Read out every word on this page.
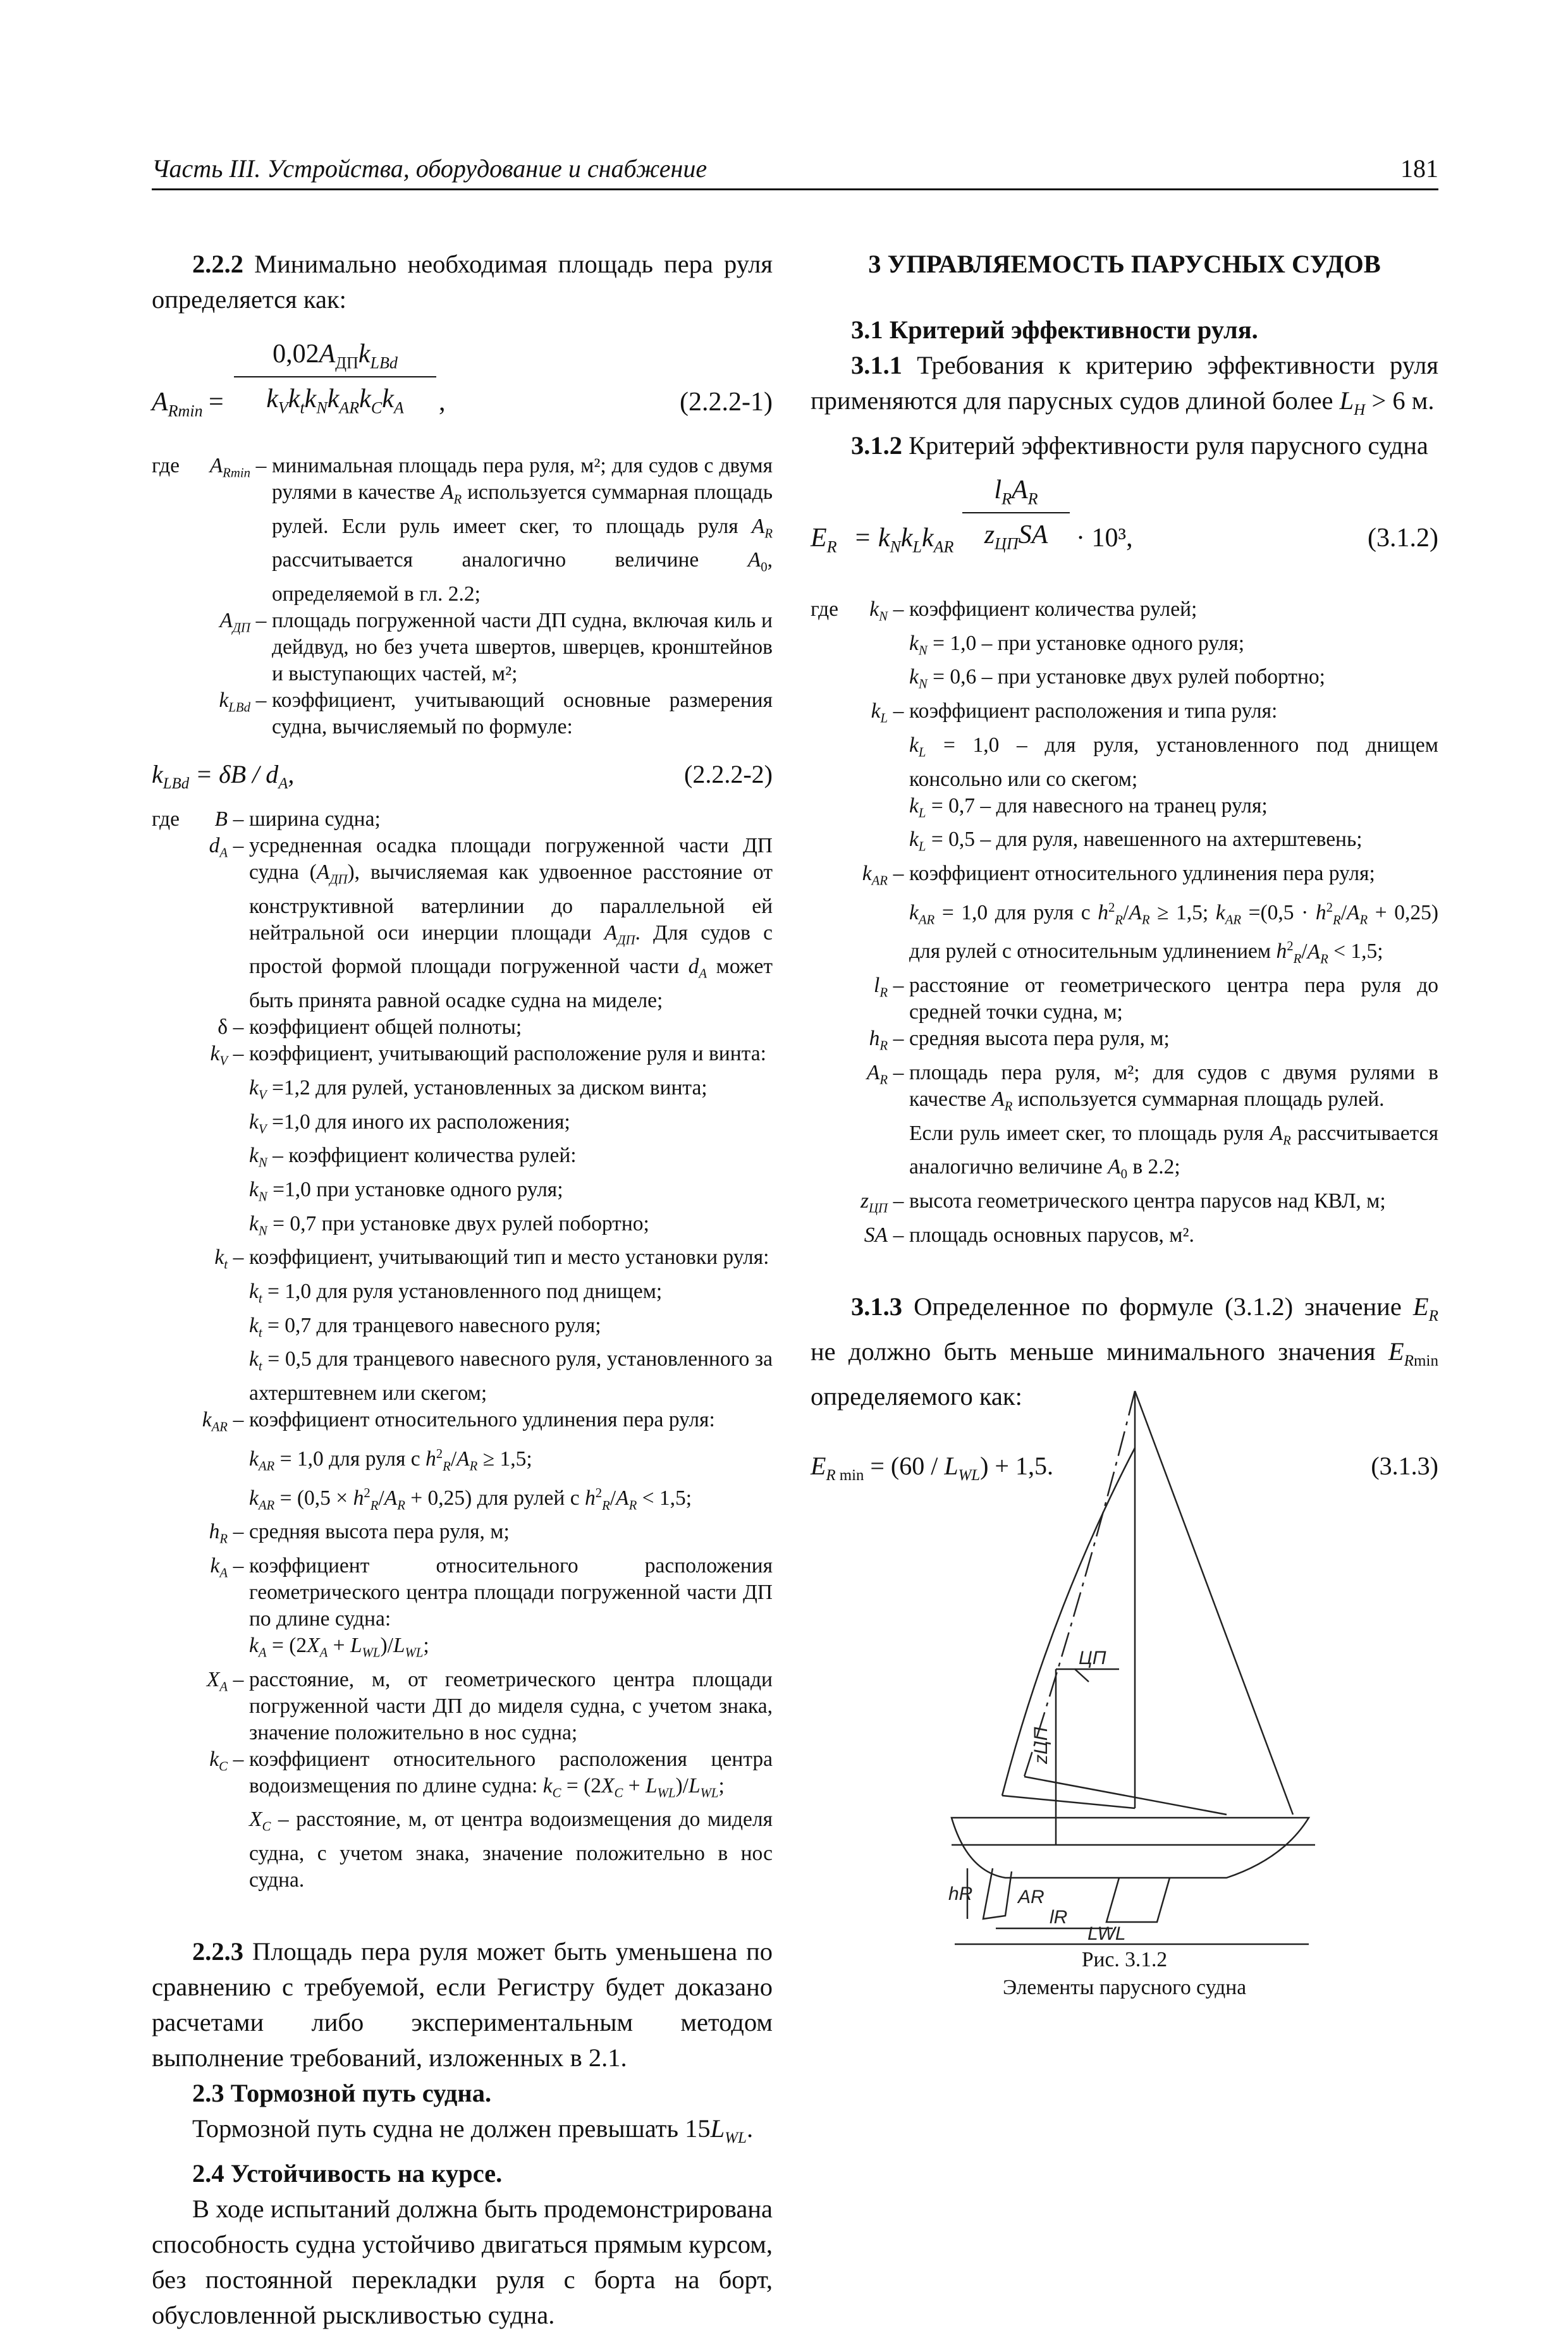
Часть III. Устройства, оборудование и снабжение	181

2.2.2 Минимально необходимая площадь пера руля определяется как:

$A_{Rmin}$ =
$0,02A_{ДП}k_{LBd}$
$k_Vk_tk_Nk_{AR}k_Ck_A$	,	(2.2.2-1)
где	$A_{Rmin}$ – минимальная площадь пера руля, м²; для судов с двумя рулями в качестве $A_R$ используется суммарная площадь рулей. Если руль имеет скег, то площадь руля $A_R$ рассчитывается аналогично величине $A_0$, определяемой в гл. 2.2;
$A_{ДП}$ – площадь погруженной части ДП судна, включая киль и дейдвуд, но без учета швертов, шверцев, кронштейнов и выступающих частей, м²;
$k_{LBd}$ – коэффициент, учитывающий основные размерения судна, вычисляемый по формуле:
$k_{LBd} = \delta B / d_A$,	(2.2.2-2)
где	B – ширина судна;
$d_A$ – усредненная осадка площади погруженной части ДП судна $(A_{ДП})$, вычисляемая как удвоенное расстояние от конструктивной ватерлинии до параллельной ей нейтральной оси инерции площади $A_{ДП}$. Для судов с простой формой площади погруженной части $d_A$ может быть принята равной осадке судна на миделе;
δ – коэффициент общей полноты;
$k_V$ – коэффициент, учитывающий расположение руля и винта:
$k_V =1,2$ для рулей, установленных за диском винта;
$k_V =1,0$ для иного их расположения;
$k_N$ – коэффициент количества рулей:
$k_N =1,0$ при установке одного руля;
$k_N = 0,7$ при установке двух рулей побортно;
$k_t$ – коэффициент, учитывающий тип и место установки руля:
$k_t = 1,0$ для руля установленного под днищем;
$k_t = 0,7$ для транцевого навесного руля;
$k_t = 0,5$ для транцевого навесного руля, установленного за ахтерштевнем или скегом;
$k_{AR}$ – коэффициент относительного удлинения пера руля:
$k_{AR} = 1,0$ для руля с $h^2_R/A_R \ge 1,5$;
$k_{AR} = (0,5 \times h^2_R/A_R + 0,25)$ для рулей с $h^2_R/A_R < 1,5$;
$h_R$ – средняя высота пера руля, м;
$k_A$ – коэффициент относительного расположения геометрического центра площади погруженной части ДП по длине судна:
$k_A = (2X_A + L_{WL})/L_{WL}$;
$X_A$ – расстояние, м, от геометрического центра площади погруженной части ДП до миделя судна, с учетом знака, значение положительно в нос судна;
$k_C$ – коэффициент относительного расположения центра водоизмещения по длине судна: $k_C = (2X_C + L_{WL})/L_{WL}$;
$X_C$ – расстояние, м, от центра водоизмещения до миделя судна, с учетом знака, значение положительно в нос судна.

2.2.3 Площадь пера руля может быть уменьшена по сравнению с требуемой, если Регистру будет доказано расчетами либо экспериментальным методом выполнение требований, изложенных в 2.1.

2.3 Тормозной путь судна.

Тормозной путь судна не должен превышать $15L_{WL}$.

2.4 Устойчивость на курсе.

В ходе испытаний должна быть продемонстрирована способность судна устойчиво двигаться прямым курсом, без постоянной перекладки руля с борта на борт, обусловленной рыскливостью судна.

3 УПРАВЛЯЕМОСТЬ ПАРУСНЫХ СУДОВ

3.1 Критерий эффективности руля.

3.1.1 Требования к критерию эффективности руля применяются для парусных судов длиной более $L_H > 6$ м.

3.1.2 Критерий эффективности руля парусного судна

$E_R = k_Nk_Lk_{AR}$
$l_RA_R$
$z_{ЦП}SA$	· 10³,	(3.1.2)
где	$k_N$ – коэффициент количества рулей;
$k_N = 1,0$ – при установке одного руля;
$k_N = 0,6$ – при установке двух рулей побортно;
$k_L$ – коэффициент расположения и типа руля:
$k_L = 1,0$ – для руля, установленного под днищем консольно или со скегом;
$k_L = 0,7$ – для навесного на транец руля;
$k_L = 0,5$ – для руля, навешенного на ахтерштевень;
$k_{AR}$ – коэффициент относительного удлинения пера руля;
$k_{AR} = 1,0$ для руля с $h^2_R/A_R \ge 1,5$; $k_{AR} =(0,5 \cdot h^2_R/A_R + 0,25)$ для рулей с относительным удлинением $h^2_R/A_R < 1,5$;
$l_R$ – расстояние от геометрического центра пера руля до средней точки судна, м;
$h_R$ – средняя высота пера руля, м;
$A_R$ – площадь пера руля, м²; для судов с двумя рулями в качестве $A_R$ используется суммарная площадь рулей.
Если руль имеет скег, то площадь руля $A_R$ рассчитывается аналогично величине $A_0$ в 2.2;
$z_{ЦП}$ – высота геометрического центра парусов над КВЛ, м;
SA – площадь основных парусов, м².

3.1.3 Определенное по формуле (3.1.2) значение $E_R$ не должно быть меньше минимального значения $E_{Rmin}$ определяемого как:

$E_R$ $_{min} = (60 / L_{WL}) + 1,5$.	(3.1.3)
ЦП
zЦП
hR AR
lR
LWL
Рис. 3.1.2
Элементы парусного судна
